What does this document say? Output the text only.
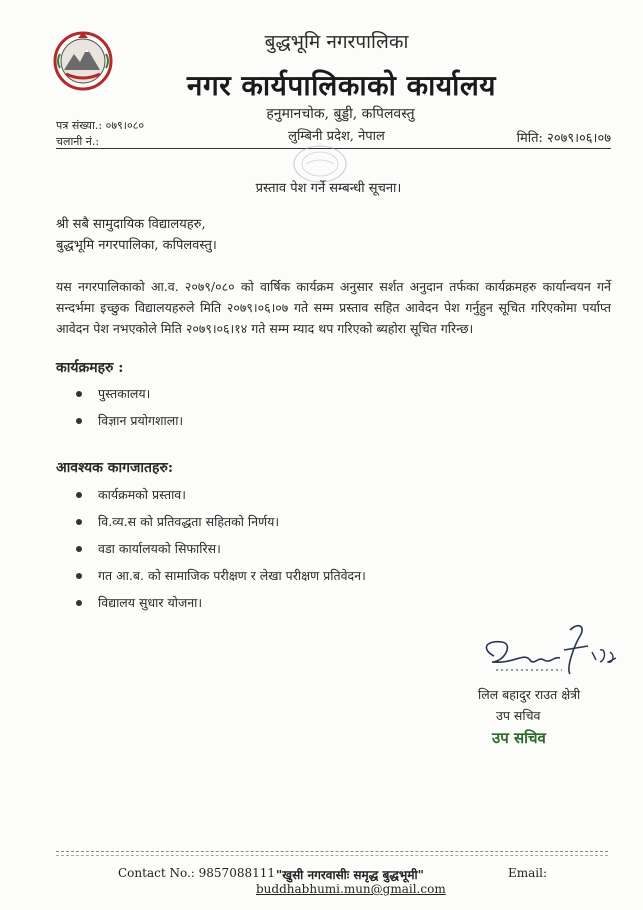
बुद्धभूमि नगरपालिका
नगर कार्यपालिकाको कार्यालय
हनुमानचोक, बुड्डी, कपिलवस्तु
लुम्बिनी प्रदेश, नेपाल
पत्र संख्या.: ०७९।०८०
चलानी नं.:	मिति: २०७९।०६।०७
प्रस्ताव पेश गर्ने सम्बन्धी सूचना।
श्री सबै सामुदायिक विद्यालयहरु,
बुद्धभूमि नगरपालिका, कपिलवस्तु।
यस नगरपालिकाको आ.व. २०७९/०८० को वार्षिक कार्यक्रम अनुसार सर्शत अनुदान तर्फका कार्यक्रमहरु कार्यान्वयन गर्ने सन्दर्भमा इच्छुक विद्यालयहरुले मिति २०७९।०६।०७ गते सम्म प्रस्ताव सहित आवेदन पेश गर्नुहुन सूचित गरिएकोमा पर्याप्त आवेदन पेश नभएकोले मिति २०७९।०६।१४ गते सम्म म्याद थप गरिएको ब्यहोरा सूचित गरिन्छ।
कार्यक्रमहरु :
पुस्तकालय।
विज्ञान प्रयोगशाला।
आवश्यक कागजातहरु:
कार्यक्रमको प्रस्ताव।
वि.व्य.स को प्रतिवद्धता सहितको निर्णय।
वडा कार्यालयको सिफारिस।
गत आ.ब. को सामाजिक परीक्षण र लेखा परीक्षण प्रतिवेदन।
विद्यालय सुधार योजना।
लिल बहादुर राउत क्षेत्री
उप सचिव
उप सचिव
Contact No.: 9857088111 "खुसी नगरवासीः समृद्ध बुद्धभूमी"	Email:
buddhabhumi.mun@gmail.com
